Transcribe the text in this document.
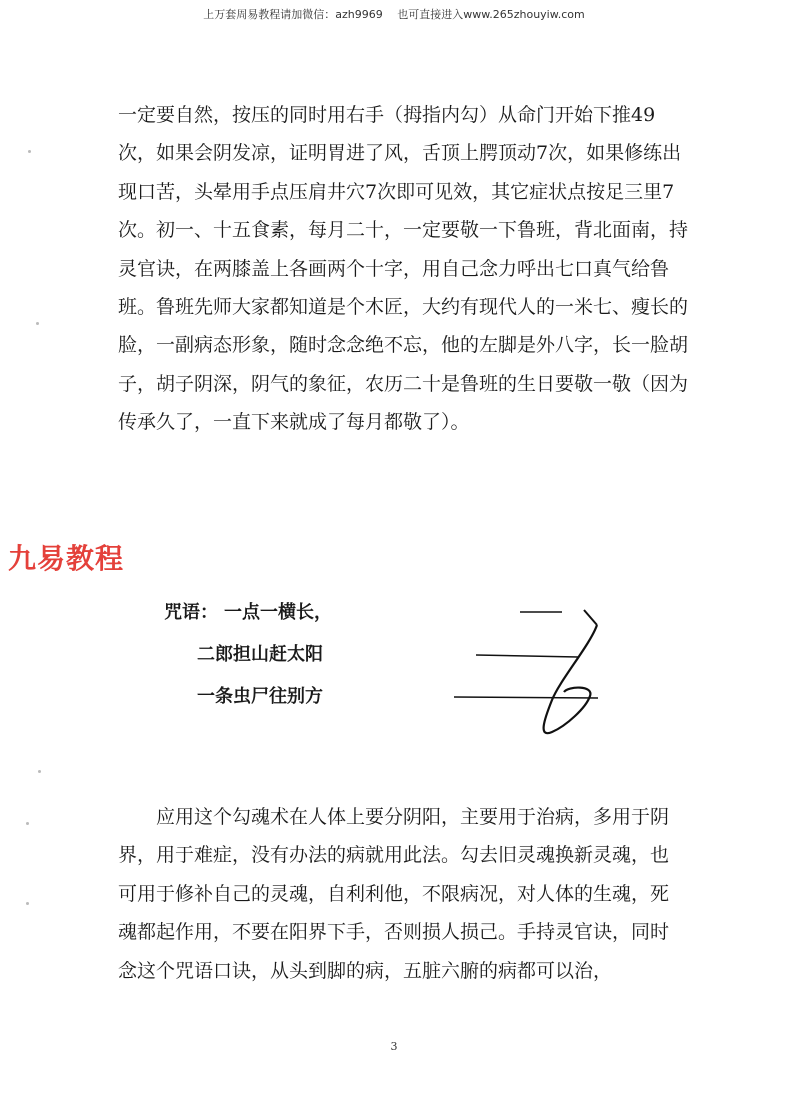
上万套周易教程请加微信：azh9969　 也可直接进入www.265zhouyiw.com

一定要自然，按压的同时用右手（拇指内勾）从命门开始下推49次，如果会阴发凉，证明胃进了风，舌顶上腭顶动7次，如果修练出现口苦，头晕用手点压肩井穴7次即可见效，其它症状点按足三里7次。初一、十五食素，每月二十，一定要敬一下鲁班，背北面南，持灵官诀，在两膝盖上各画两个十字，用自己念力呼出七口真气给鲁班。鲁班先师大家都知道是个木匠，大约有现代人的一米七、瘦长的脸，一副病态形象，随时念念绝不忘，他的左脚是外八字，长一脸胡子，胡子阴深，阴气的象征，农历二十是鲁班的生日要敬一敬（因为传承久了，一直下来就成了每月都敬了）。

九易教程
咒语： 一点一横长，
二郎担山赶太阳
一条虫尸往别方

应用这个勾魂术在人体上要分阴阳，主要用于治病，多用于阴界，用于难症，没有办法的病就用此法。勾去旧灵魂换新灵魂，也可用于修补自己的灵魂，自利利他，不限病况，对人体的生魂，死魂都起作用，不要在阳界下手，否则损人损己。手持灵官诀，同时念这个咒语口诀，从头到脚的病，五脏六腑的病都可以治，

3
